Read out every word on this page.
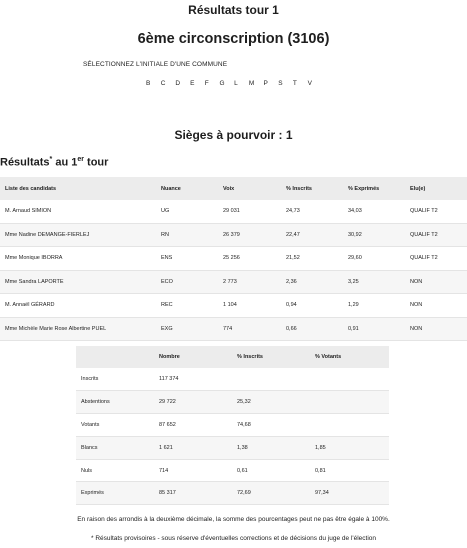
Résultats tour 1
6ème circonscription (3106)
SÉLECTIONNEZ L'INITIALE D'UNE COMMUNE
B	C	D	E	F	G	L	M	P	S	T	V
Sièges à pourvoir : 1
Résultats* au 1er tour
Liste des candidats	Nuance	Voix	% Inscrits	% Exprimés	Elu(e)
M. Arnaud SIMION	UG	29 031	24,73	34,03	QUALIF T2
Mme Nadine DEMANGE-FIERLEJ	RN	26 379	22,47	30,92	QUALIF T2
Mme Monique IBORRA	ENS	25 256	21,52	29,60	QUALIF T2
Mme Sandra LAPORTE	ECO	2 773	2,36	3,25	NON
M. Annaël GÉRARD	REC	1 104	0,94	1,29	NON
Mme Michèle Marie Rose Albertine PUEL	EXG	774	0,66	0,91	NON
	Nombre	% Inscrits	% Votants
Inscrits	117 374		
Abstentions	29 722	25,32	
Votants	87 652	74,68	
Blancs	1 621	1,38	1,85
Nuls	714	0,61	0,81
Exprimés	85 317	72,69	97,34
En raison des arrondis à la deuxième décimale, la somme des pourcentages peut ne pas être égale à 100%.
* Résultats provisoires - sous réserve d'éventuelles corrections et de décisions du juge de l'élection
